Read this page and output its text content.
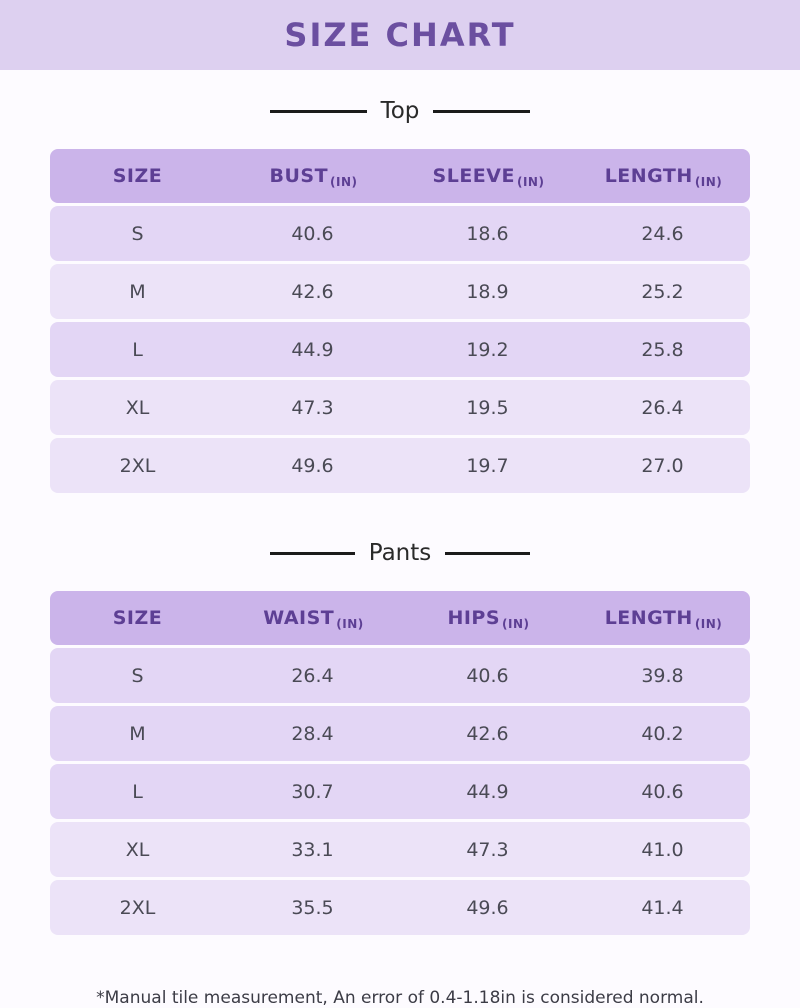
SIZE CHART
Top
SIZE	BUST $_{(IN)}$	SLEEVE $_{(IN)}$	LENGTH $_{(IN)}$
S	40.6	18.6	24.6
M	42.6	18.9	25.2
L	44.9	19.2	25.8
XL	47.3	19.5	26.4
2XL	49.6	19.7	27.0
Pants
SIZE	WAIST $_{(IN)}$	HIPS $_{(IN)}$	LENGTH $_{(IN)}$
S	26.4	40.6	39.8
M	28.4	42.6	40.2
L	30.7	44.9	40.6
XL	33.1	47.3	41.0
2XL	35.5	49.6	41.4
*Manual tile measurement, An error of 0.4-1.18in is considered normal.
